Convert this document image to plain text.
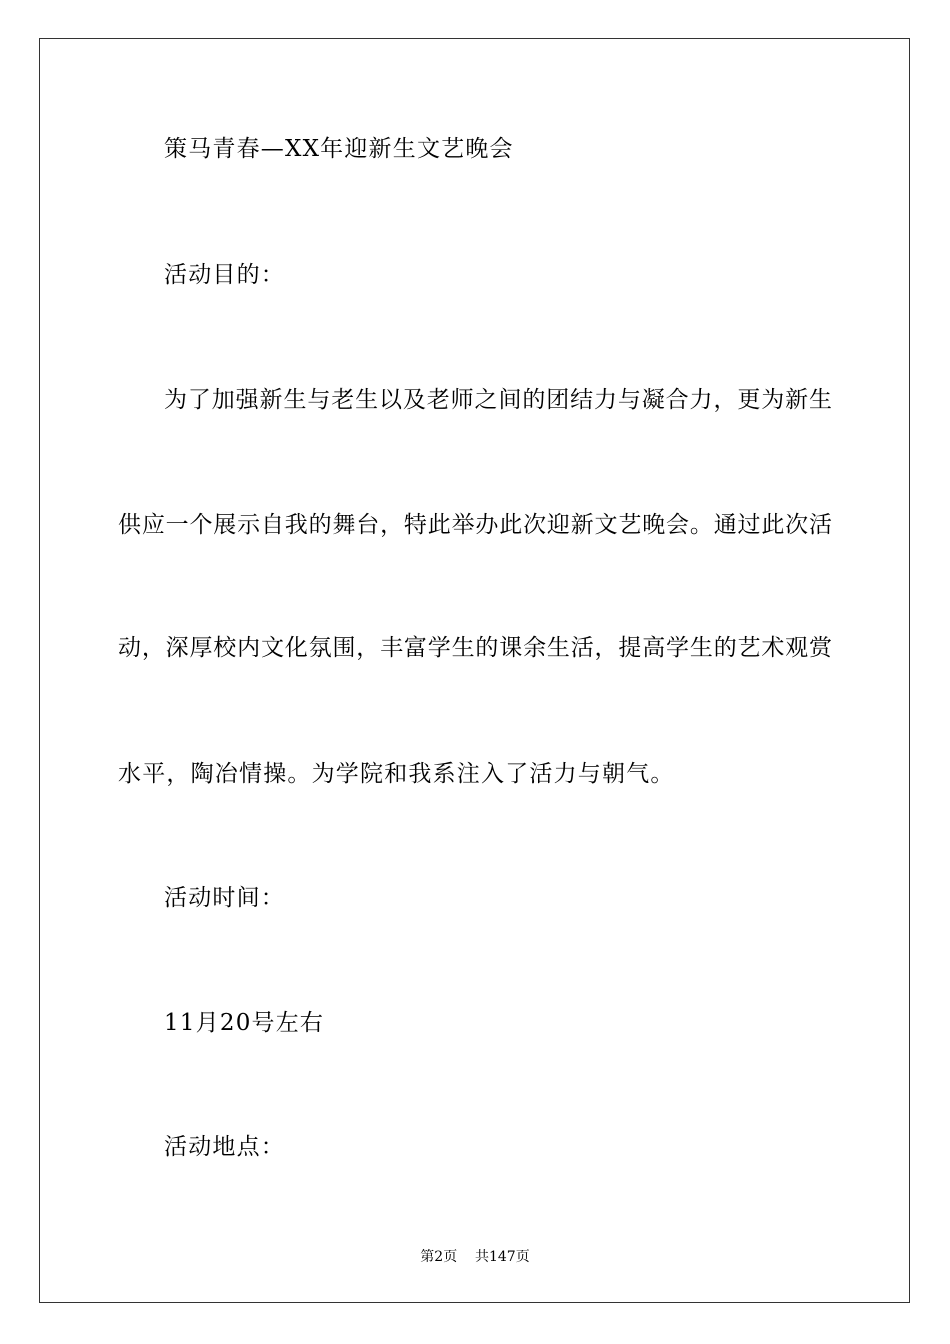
策马青春—XX年迎新生文艺晚会
活动目的：
为了加强新生与老生以及老师之间的团结力与凝合力，更为新生
供应一个展示自我的舞台，特此举办此次迎新文艺晚会。通过此次活
动，深厚校内文化氛围，丰富学生的课余生活，提高学生的艺术观赏
水平，陶冶情操。为学院和我系注入了活力与朝气。
活动时间：
11月20号左右
活动地点：
第2页    共147页
